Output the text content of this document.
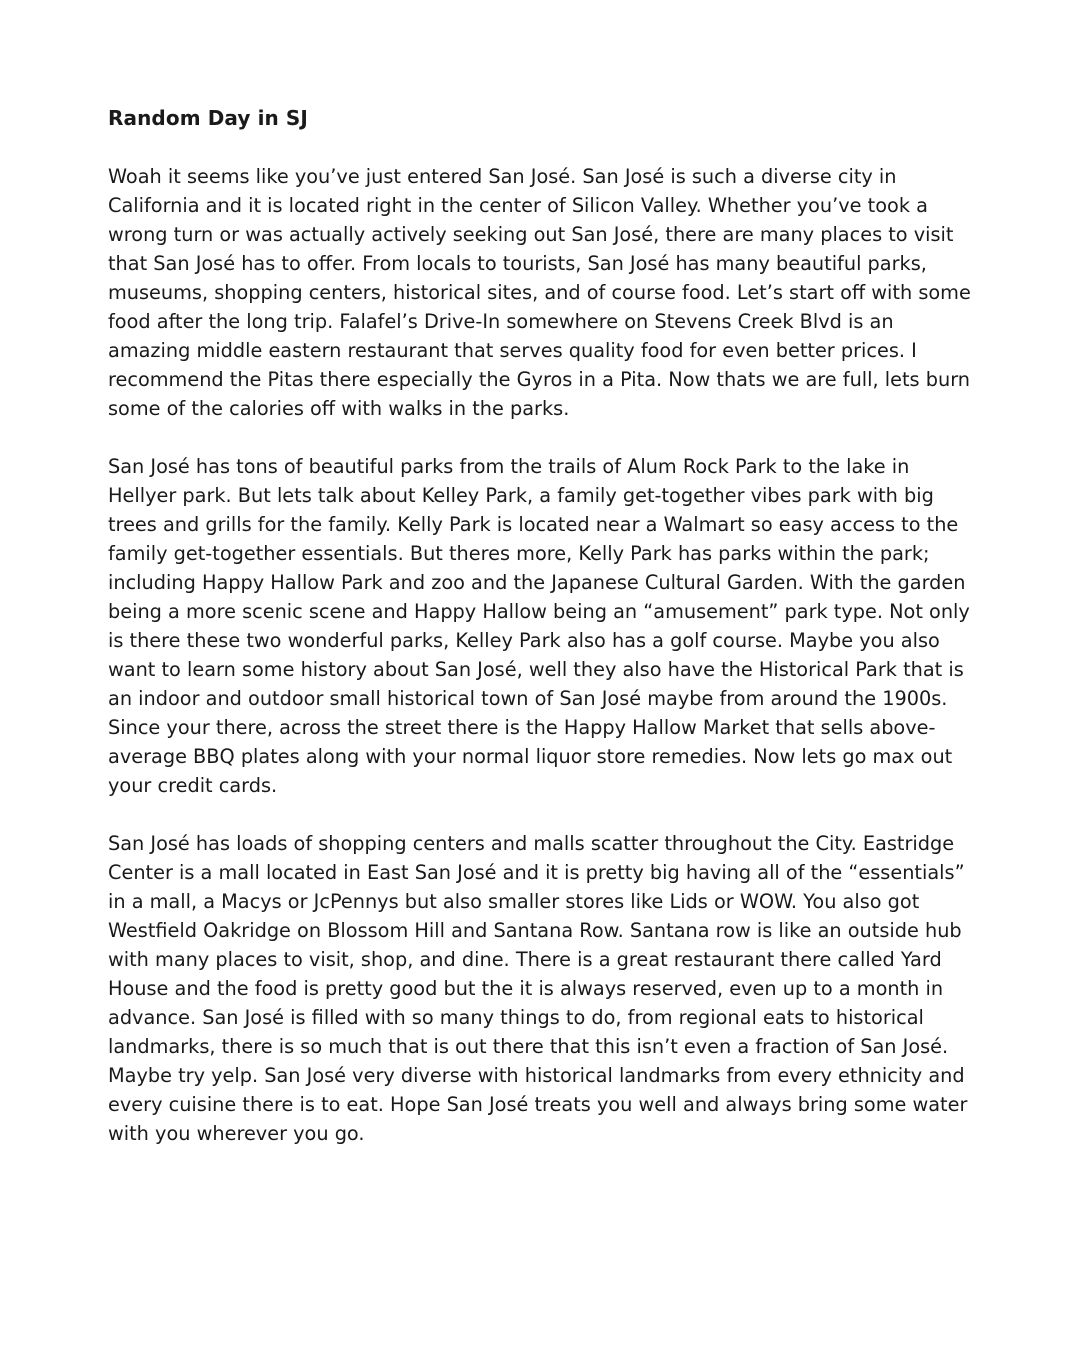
Random Day in SJ

Woah it seems like you’ve just entered San José. San José is such a diverse city in California and it is located right in the center of Silicon Valley. Whether you’ve took a wrong turn or was actually actively seeking out San José, there are many places to visit that San José has to offer. From locals to tourists, San José has many beautiful parks, museums, shopping centers, historical sites, and of course food. Let’s start off with some food after the long trip. Falafel’s Drive-In somewhere on Stevens Creek Blvd is an amazing middle eastern restaurant that serves quality food for even better prices. I recommend the Pitas there especially the Gyros in a Pita. Now thats we are full, lets burn some of the calories off with walks in the parks.

San José has tons of beautiful parks from the trails of Alum Rock Park to the lake in Hellyer park. But lets talk about Kelley Park, a family get-together vibes park with big trees and grills for the family. Kelly Park is located near a Walmart so easy access to the family get-together essentials. But theres more, Kelly Park has parks within the park; including Happy Hallow Park and zoo and the Japanese Cultural Garden. With the garden being a more scenic scene and Happy Hallow being an “amusement” park type. Not only is there these two wonderful parks, Kelley Park also has a golf course. Maybe you also want to learn some history about San José, well they also have the Historical Park that is an indoor and outdoor small historical town of San José maybe from around the 1900s. Since your there, across the street there is the Happy Hallow Market that sells above-average BBQ plates along with your normal liquor store remedies. Now lets go max out your credit cards.

San José has loads of shopping centers and malls scatter throughout the City. Eastridge Center is a mall located in East San José and it is pretty big having all of the “essentials” in a mall, a Macys or JcPennys but also smaller stores like Lids or WOW. You also got Westfield Oakridge on Blossom Hill and Santana Row. Santana row is like an outside hub with many places to visit, shop, and dine. There is a great restaurant there called Yard House and the food is pretty good but the it is always reserved, even up to a month in advance. San José is filled with so many things to do, from regional eats to historical landmarks, there is so much that is out there that this isn’t even a fraction of San José. Maybe try yelp. San José very diverse with historical landmarks from every ethnicity and every cuisine there is to eat. Hope San José treats you well and always bring some water with you wherever you go.
